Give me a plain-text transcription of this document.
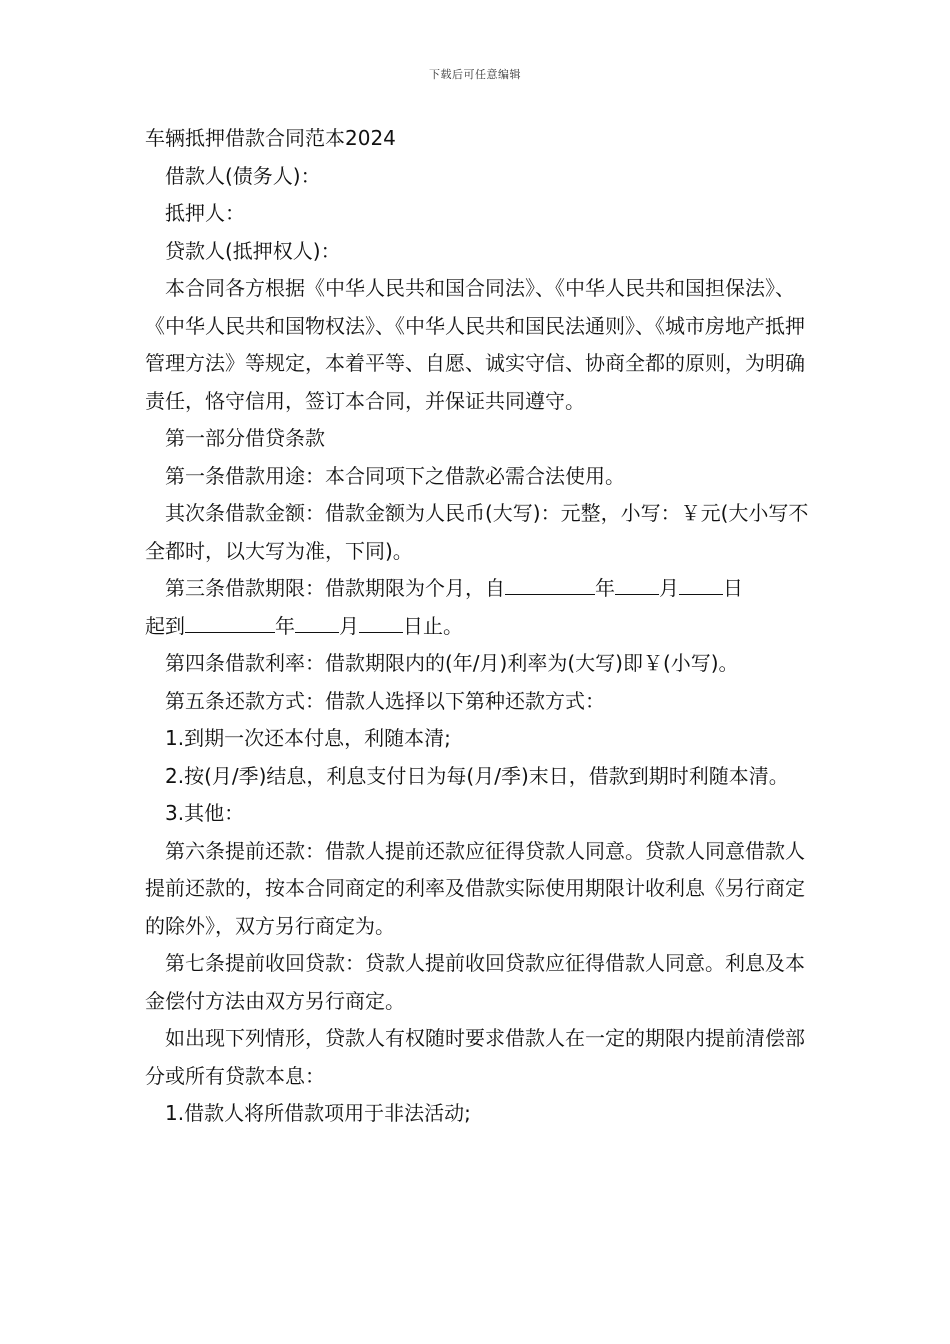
下载后可任意编辑

车辆抵押借款合同范本2024

借款人(债务人)：

抵押人：

贷款人(抵押权人)：

本合同各方根据《中华人民共和国合同法》、《中华人民共和国担保法》、《中华人民共和国物权法》、《中华人民共和国民法通则》、《城市房地产抵押管理方法》等规定，本着平等、自愿、诚实守信、协商全都的原则，为明确责任，恪守信用，签订本合同，并保证共同遵守。

第一部分借贷条款

第一条借款用途：本合同项下之借款必需合法使用。

其次条借款金额：借款金额为人民币(大写)：元整，小写：￥元(大小写不全都时，以大写为准，下同)。

第三条借款期限：借款期限为个月，自	年 月 日
起到	年 月 日止。

第四条借款利率：借款期限内的(年/月)利率为(大写)即￥(小写)。

第五条还款方式：借款人选择以下第种还款方式：

1.到期一次还本付息，利随本清;

2.按(月/季)结息，利息支付日为每(月/季)末日，借款到期时利随本清。

3.其他：

第六条提前还款：借款人提前还款应征得贷款人同意。贷款人同意借款人提前还款的，按本合同商定的利率及借款实际使用期限计收利息《另行商定的除外》，双方另行商定为。

第七条提前收回贷款：贷款人提前收回贷款应征得借款人同意。利息及本金偿付方法由双方另行商定。

如出现下列情形，贷款人有权随时要求借款人在一定的期限内提前清偿部分或所有贷款本息：

1.借款人将所借款项用于非法活动;
